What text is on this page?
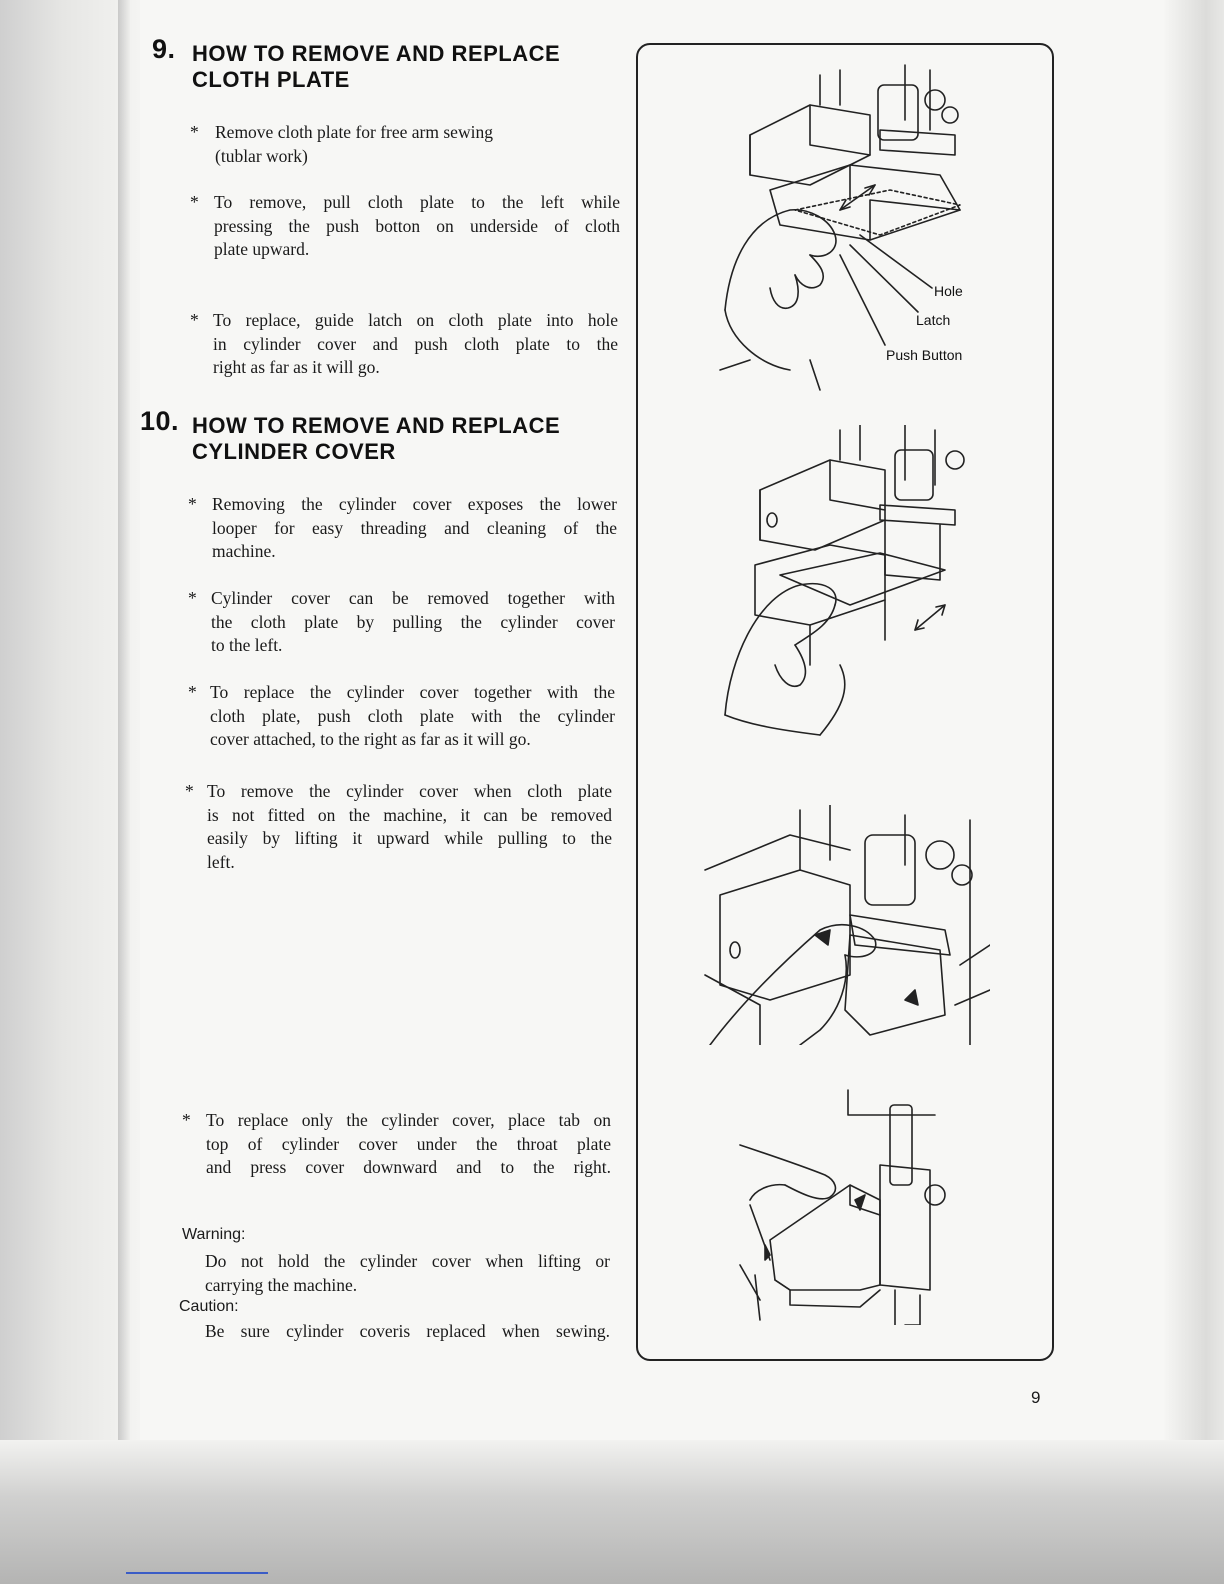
9. HOW TO REMOVE AND REPLACE
CLOTH PLATE
* Remove cloth plate for free arm sewing
(tublar work)
* To remove, pull cloth plate to the left while
pressing the push botton on underside of cloth
plate upward.
* To replace, guide latch on cloth plate into hole
in cylinder cover and push cloth plate to the
right as far as it will go.
10. HOW TO REMOVE AND REPLACE
CYLINDER COVER
* Removing the cylinder cover exposes the lower
looper for easy threading and cleaning of the
machine.
* Cylinder cover can be removed together with
the cloth plate by pulling the cylinder cover
to the left.
* To replace the cylinder cover together with the
cloth plate, push cloth plate with the cylinder
cover attached, to the right as far as it will go.
* To remove the cylinder cover when cloth plate
is not fitted on the machine, it can be removed
easily by lifting it upward while pulling to the
left.
* To replace only the cylinder cover, place tab on
top of cylinder cover under the throat plate
and press cover downward and to the right.
Warning:
Do not hold the cylinder cover when lifting or
carrying the machine.
Caution:
Be sure cylinder coveris replaced when sewing.
Hole
Latch
Push Button
9
